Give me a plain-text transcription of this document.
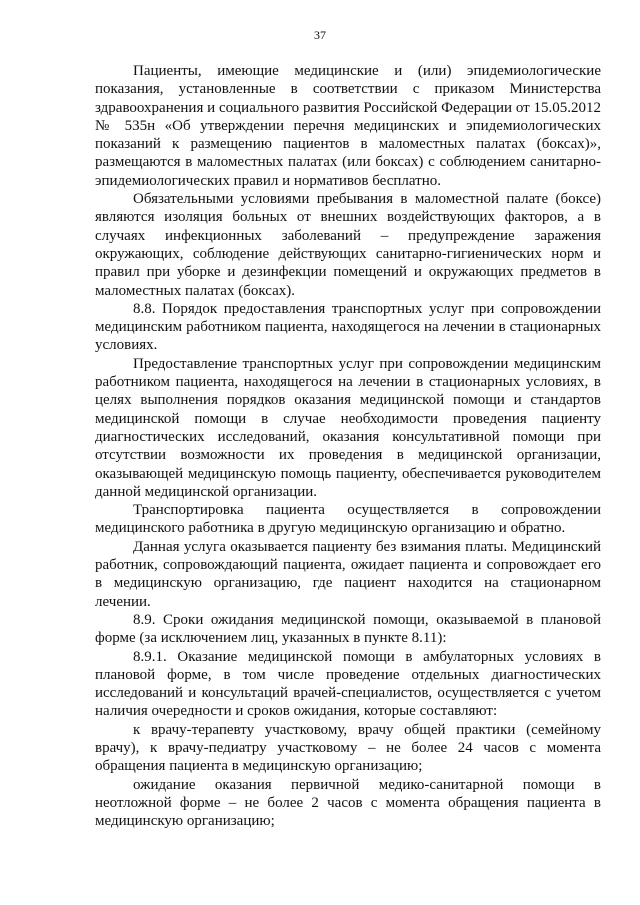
37

Пациенты, имеющие медицинские и (или) эпидемиологические показания, установленные в соответствии с приказом Министерства здравоохранения и социального развития Российской Федерации от 15.05.2012 № 535н «Об утверждении перечня медицинских и эпидемиологических показаний к размещению пациентов в маломестных палатах (боксах)», размещаются в маломестных палатах (или боксах) с соблюдением санитарно-эпидемиологических правил и нормативов бесплатно.

Обязательными условиями пребывания в маломестной палате (боксе) являются изоляция больных от внешних воздействующих факторов, а в случаях инфекционных заболеваний – предупреждение заражения окружающих, соблюдение действующих санитарно-гигиенических норм и правил при уборке и дезинфекции помещений и окружающих предметов в маломестных палатах (боксах).

8.8. Порядок предоставления транспортных услуг при сопровождении медицинским работником пациента, находящегося на лечении в стационарных условиях.

Предоставление транспортных услуг при сопровождении медицинским работником пациента, находящегося на лечении в стационарных условиях, в целях выполнения порядков оказания медицинской помощи и стандартов медицинской помощи в случае необходимости проведения пациенту диагностических исследований, оказания консультативной помощи при отсутствии возможности их проведения в медицинской организации, оказывающей медицинскую помощь пациенту, обеспечивается руководителем данной медицинской организации.

Транспортировка пациента осуществляется в сопровождении медицинского работника в другую медицинскую организацию и обратно.

Данная услуга оказывается пациенту без взимания платы. Медицинский работник, сопровождающий пациента, ожидает пациента и сопровождает его в медицинскую организацию, где пациент находится на стационарном лечении.

8.9. Сроки ожидания медицинской помощи, оказываемой в плановой форме (за исключением лиц, указанных в пункте 8.11):

8.9.1. Оказание медицинской помощи в амбулаторных условиях в плановой форме, в том числе проведение отдельных диагностических исследований и консультаций врачей-специалистов, осуществляется с учетом наличия очередности и сроков ожидания, которые составляют:

к врачу-терапевту участковому, врачу общей практики (семейному врачу), к врачу-педиатру участковому – не более 24 часов с момента обращения пациента в медицинскую организацию;

ожидание оказания первичной медико-санитарной помощи в неотложной форме – не более 2 часов с момента обращения пациента в медицинскую организацию;
